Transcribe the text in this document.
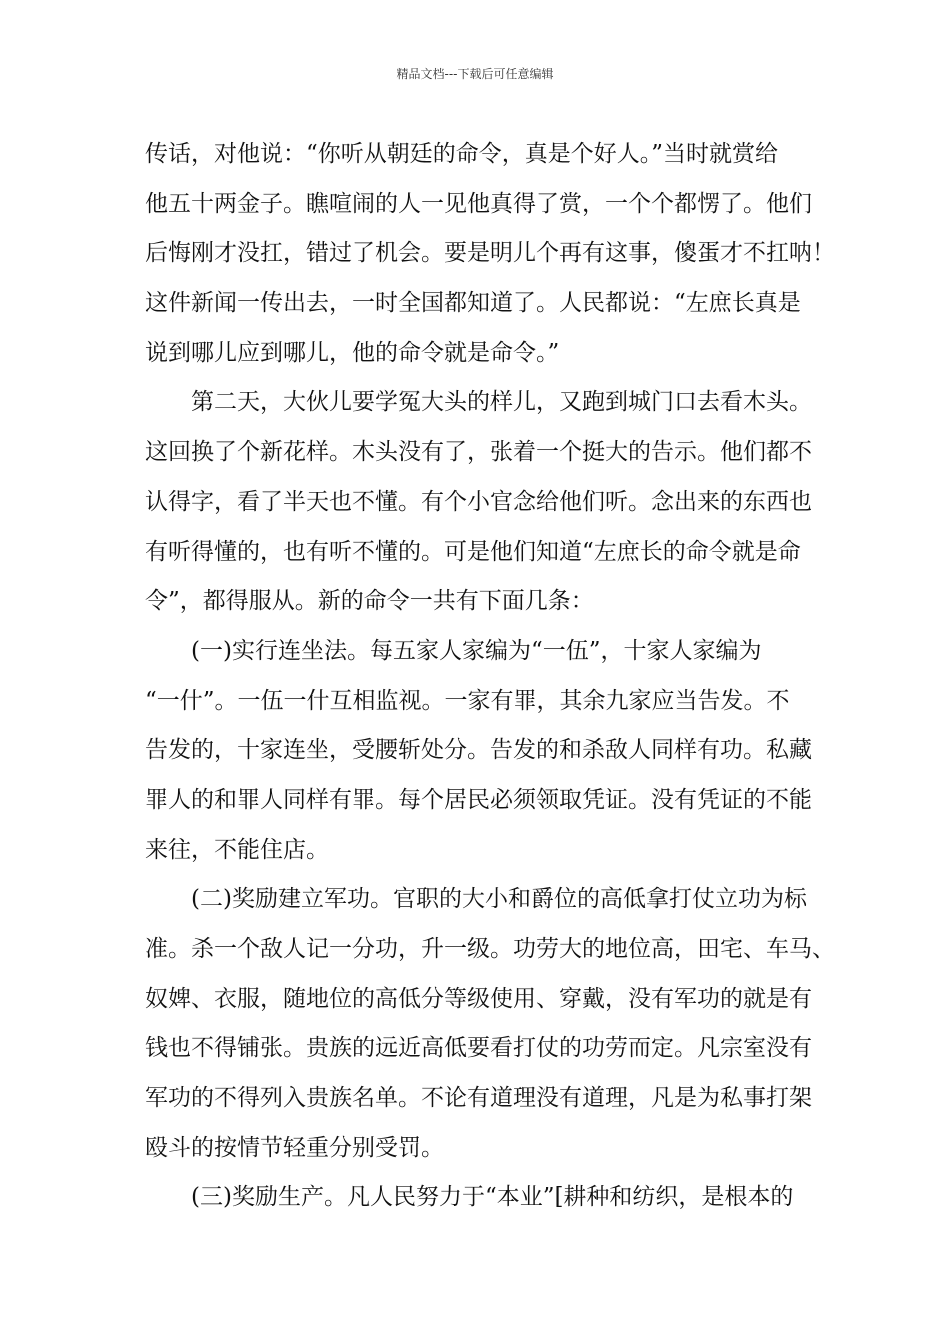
精品文档---下载后可任意编辑
传话，对他说：“你听从朝廷的命令，真是个好人。”当时就赏给
他五十两金子。瞧喧闹的人一见他真得了赏，一个个都愣了。他们
后悔刚才没扛，错过了机会。要是明儿个再有这事，傻蛋才不扛呐！
这件新闻一传出去，一时全国都知道了。人民都说：“左庶长真是
说到哪儿应到哪儿，他的命令就是命令。”
第二天，大伙儿要学冤大头的样儿，又跑到城门口去看木头。
这回换了个新花样。木头没有了，张着一个挺大的告示。他们都不
认得字，看了半天也不懂。有个小官念给他们听。念出来的东西也
有听得懂的，也有听不懂的。可是他们知道“左庶长的命令就是命
令”，都得服从。新的命令一共有下面几条：
(一)实行连坐法。每五家人家编为“一伍”，十家人家编为
“一什”。一伍一什互相监视。一家有罪，其余九家应当告发。不
告发的，十家连坐，受腰斩处分。告发的和杀敌人同样有功。私藏
罪人的和罪人同样有罪。每个居民必须领取凭证。没有凭证的不能
来往，不能住店。
(二)奖励建立军功。官职的大小和爵位的高低拿打仗立功为标
准。杀一个敌人记一分功，升一级。功劳大的地位高，田宅、车马、
奴婢、衣服，随地位的高低分等级使用、穿戴，没有军功的就是有
钱也不得铺张。贵族的远近高低要看打仗的功劳而定。凡宗室没有
军功的不得列入贵族名单。不论有道理没有道理，凡是为私事打架
殴斗的按情节轻重分别受罚。
(三)奖励生产。凡人民努力于“本业”[耕种和纺织，是根本的
